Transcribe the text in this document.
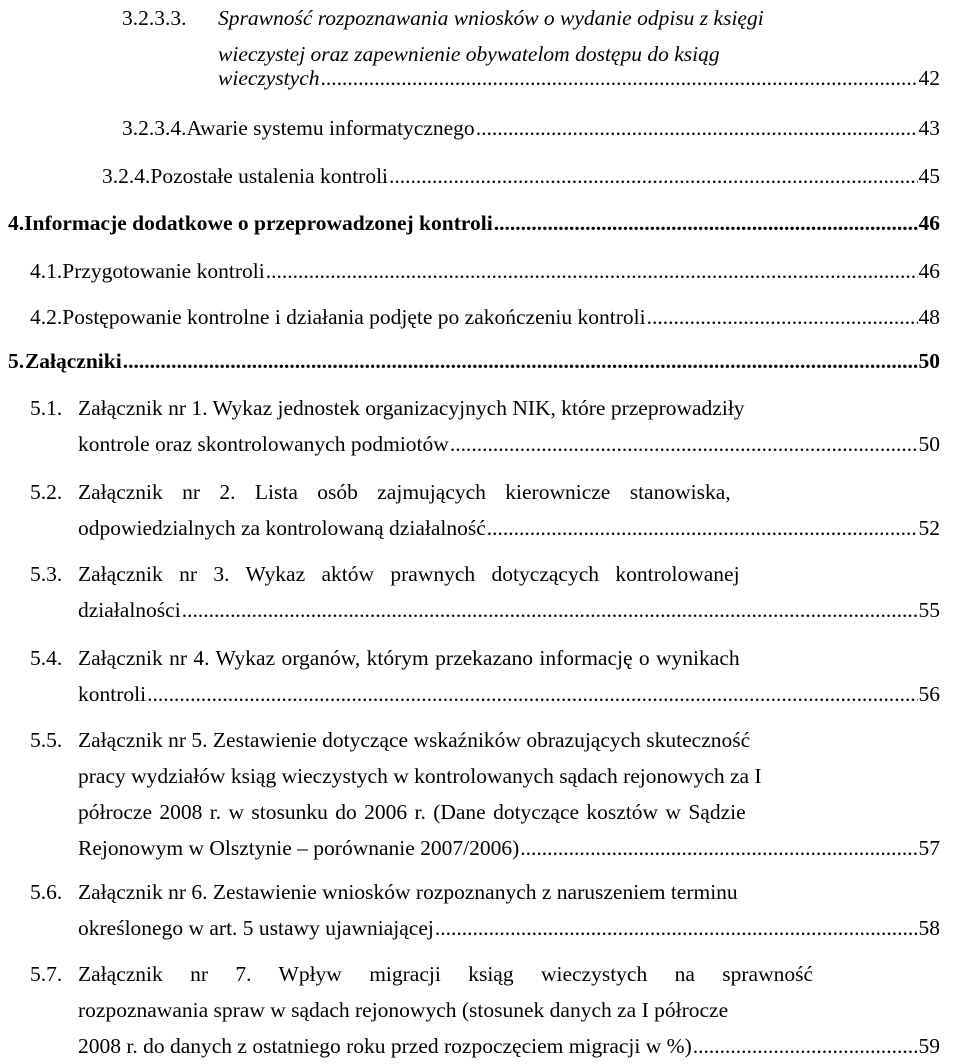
3.2.3.3. Sprawność rozpoznawania wniosków o wydanie odpisu z księgi
wieczystej oraz zapewnienie obywatelom dostępu do ksiąg
wieczystych .....	42
3.2.3.4. Awarie systemu informatycznego .....	43
3.2.4. Pozostałe ustalenia kontroli .....	45
4. Informacje dodatkowe o przeprowadzonej kontroli .....	46
4.1. Przygotowanie kontroli .....	46
4.2. Postępowanie kontrolne i działania podjęte po zakończeniu kontroli .....	48
5. Załączniki .....	50
5.1. Załącznik nr 1. Wykaz jednostek organizacyjnych NIK, które przeprowadziły
kontrole oraz skontrolowanych podmiotów .....	50
5.2. Załącznik nr 2. Lista osób zajmujących kierownicze stanowiska,
odpowiedzialnych za kontrolowaną działalność .....	52
5.3. Załącznik nr 3. Wykaz aktów prawnych dotyczących kontrolowanej
działalności .....	55
5.4. Załącznik nr 4. Wykaz organów, którym przekazano informację o wynikach
kontroli .....	56
5.5. Załącznik nr 5. Zestawienie dotyczące wskaźników obrazujących skuteczność
pracy wydziałów ksiąg wieczystych w kontrolowanych sądach rejonowych za I
półrocze 2008 r. w stosunku do 2006 r. (Dane dotyczące kosztów w Sądzie
Rejonowym w Olsztynie – porównanie 2007/2006) .....	57
5.6. Załącznik nr 6. Zestawienie wniosków rozpoznanych z naruszeniem terminu
określonego w art. 5 ustawy ujawniającej .....	58
5.7. Załącznik nr 7. Wpływ migracji ksiąg wieczystych na sprawność
rozpoznawania spraw w sądach rejonowych (stosunek danych za I półrocze
2008 r. do danych z ostatniego roku przed rozpoczęciem migracji w %) .....	59
